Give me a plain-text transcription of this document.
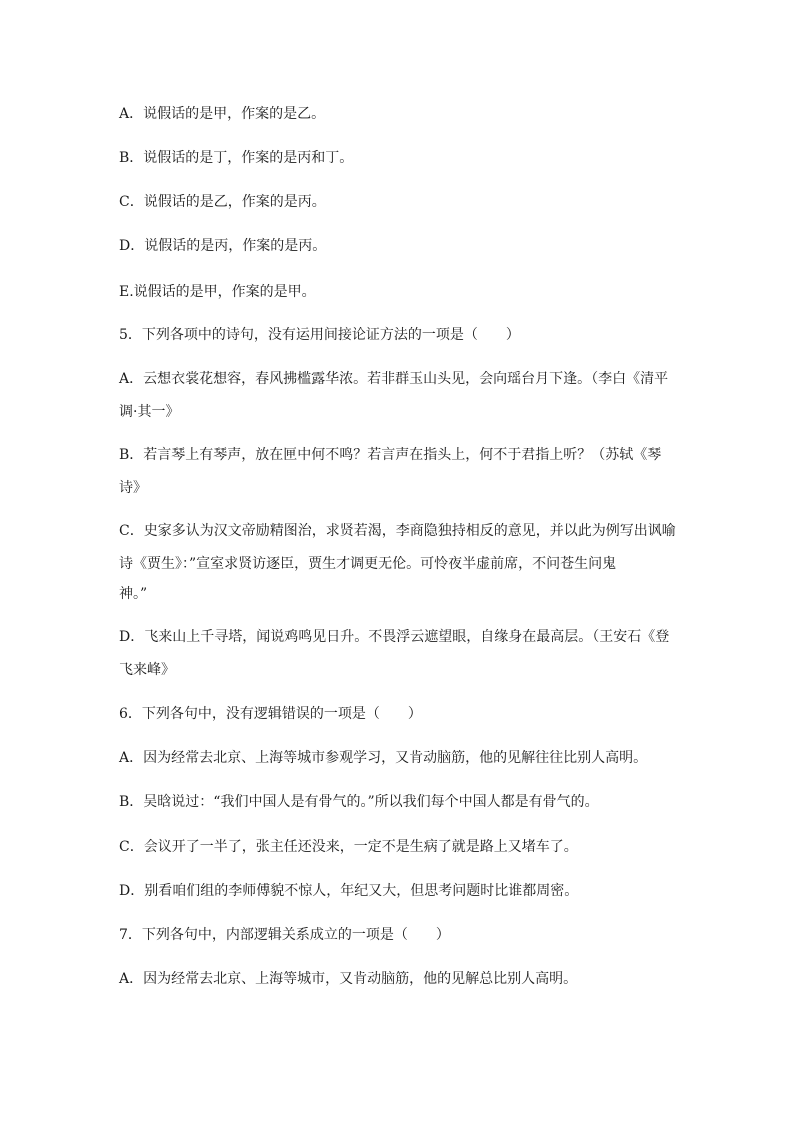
A．说假话的是甲，作案的是乙。
B．说假话的是丁，作案的是丙和丁。
C．说假话的是乙，作案的是丙。
D．说假话的是丙，作案的是丙。
E.说假话的是甲，作案的是甲。
5．下列各项中的诗句，没有运用间接论证方法的一项是（　　）
A．云想衣裳花想容，春风拂槛露华浓。若非群玉山头见，会向瑶台月下逢。（李白《清平
调·其一》
B．若言琴上有琴声，放在匣中何不鸣？若言声在指头上，何不于君指上听？（苏轼《琴
诗》
C．史家多认为汉文帝励精图治，求贤若渴，李商隐独持相反的意见，并以此为例写出讽喻
诗《贾生》：”宣室求贤访逐臣，贾生才调更无伦。可怜夜半虚前席，不问苍生问鬼
神。”
D．飞来山上千寻塔，闻说鸡鸣见日升。不畏浮云遮望眼，自缘身在最高层。（王安石《登
飞来峰》
6．下列各句中，没有逻辑错误的一项是（　　）
A．因为经常去北京、上海等城市参观学习，又肯动脑筋，他的见解往往比别人高明。
B．吴晗说过：“我们中国人是有骨气的。”所以我们每个中国人都是有骨气的。
C．会议开了一半了，张主任还没来，一定不是生病了就是路上又堵车了。
D．别看咱们组的李师傅貌不惊人，年纪又大，但思考问题时比谁都周密。
7．下列各句中，内部逻辑关系成立的一项是（　　）
A．因为经常去北京、上海等城市，又肯动脑筋，他的见解总比别人高明。
